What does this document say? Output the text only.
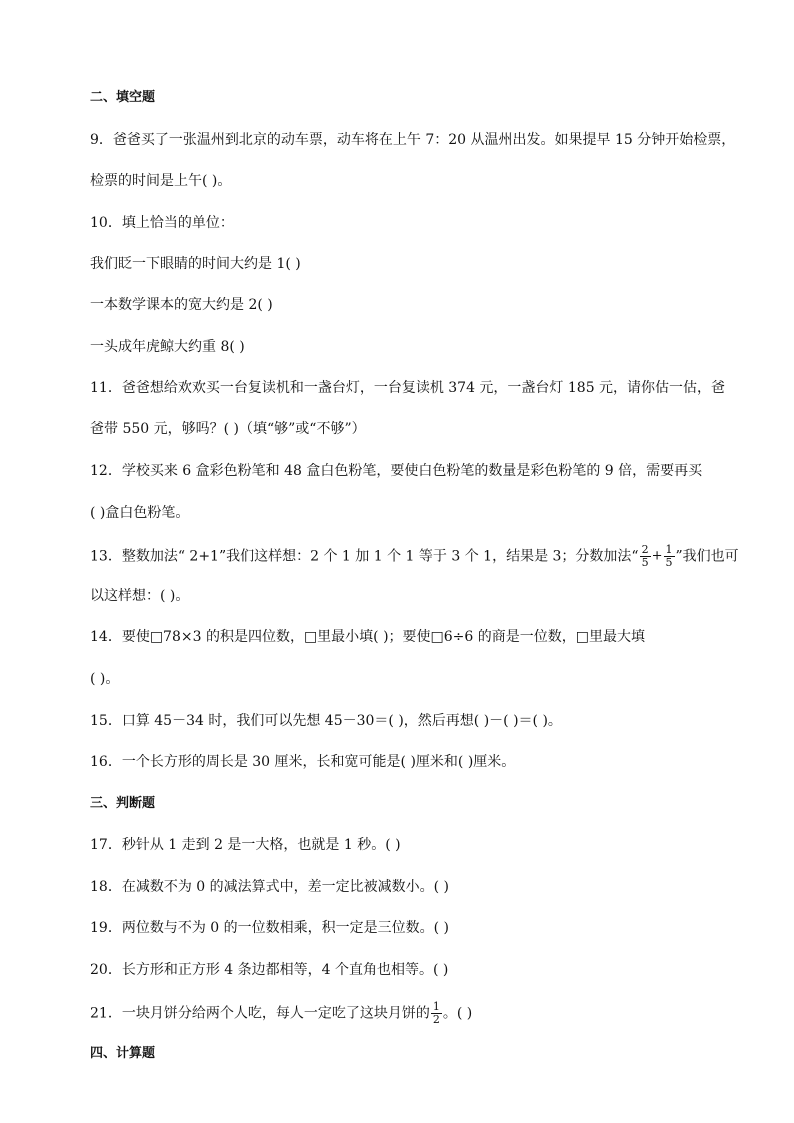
二、填空题

9．爸爸买了一张温州到北京的动车票，动车将在上午 7：20 从温州出发。如果提早 15 分钟开始检票，

检票的时间是上午( )。

10．填上恰当的单位：

我们眨一下眼睛的时间大约是 1( )

一本数学课本的宽大约是 2( )

一头成年虎鲸大约重 8( )

11．爸爸想给欢欢买一台复读机和一盏台灯，一台复读机 374 元，一盏台灯 185 元，请你估一估，爸

爸带 550 元，够吗？( )（填“够”或“不够”）

12．学校买来 6 盒彩色粉笔和 48 盒白色粉笔，要使白色粉笔的数量是彩色粉笔的 9 倍，需要再买

( )盒白色粉笔。

13．整数加法“ 2+1”我们这样想：2 个 1 加 1 个 1 等于 3 个 1，结果是 3；分数加法“ $\frac{2}{5} + \frac{1}{5}$ ”我们也可

以这样想：( )。

14．要使□78×3 的积是四位数，□里最小填( )；要使□6÷6 的商是一位数，□里最大填

( )。

15．口算 45－34 时，我们可以先想 45－30＝( )，然后再想( )－( )＝( )。

16．一个长方形的周长是 30 厘米，长和宽可能是( )厘米和( )厘米。

三、判断题

17．秒针从 1 走到 2 是一大格，也就是 1 秒。( )

18．在减数不为 0 的减法算式中，差一定比被减数小。( )

19．两位数与不为 0 的一位数相乘，积一定是三位数。( )

20．长方形和正方形 4 条边都相等，4 个直角也相等。( )

21．一块月饼分给两个人吃，每人一定吃了这块月饼的 $\frac{1}{2}$ 。( )

四、计算题
